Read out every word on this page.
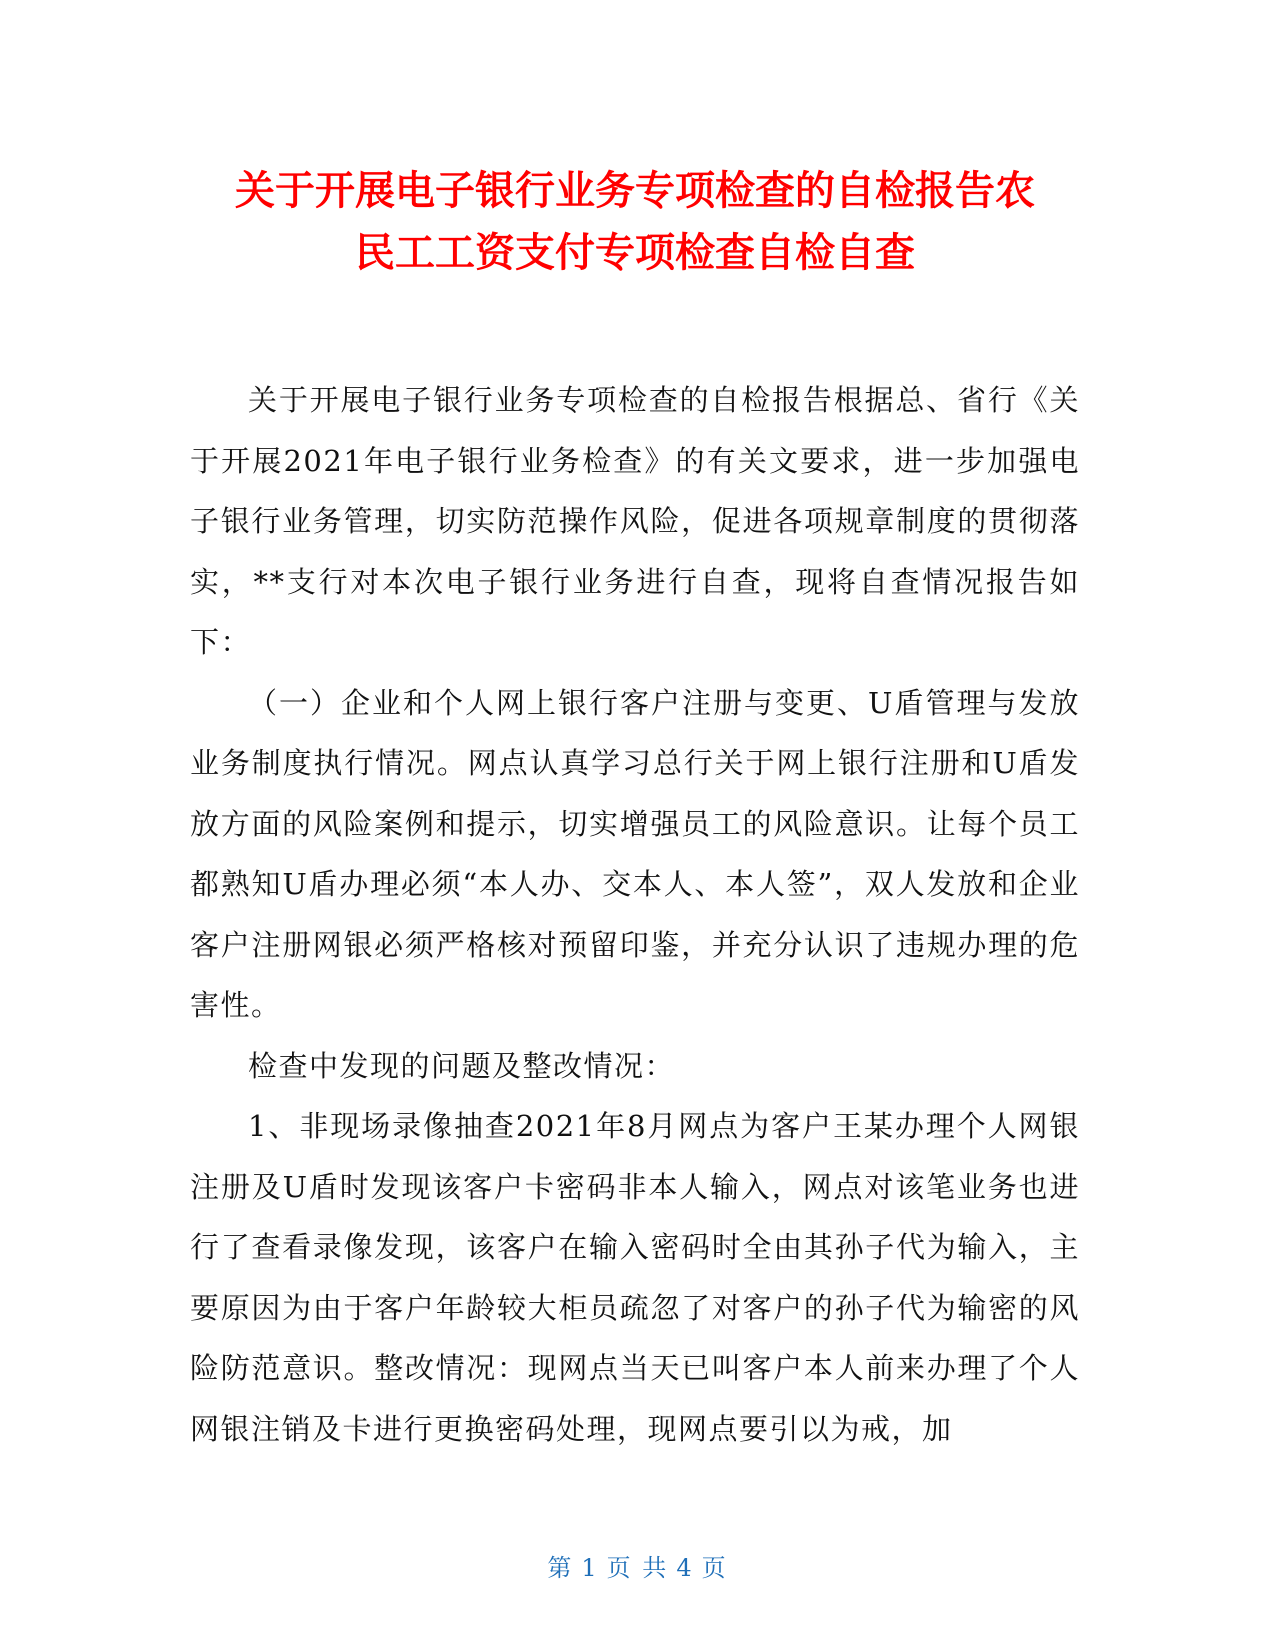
关于开展电子银行业务专项检查的自检报告农
民工工资支付专项检查自检自查

关于开展电子银行业务专项检查的自检报告根据总、省行《关于开展2021年电子银行业务检查》的有关文要求，进一步加强电子银行业务管理，切实防范操作风险，促进各项规章制度的贯彻落实，**支行对本次电子银行业务进行自查，现将自查情况报告如下：

（一）企业和个人网上银行客户注册与变更、U盾管理与发放业务制度执行情况。网点认真学习总行关于网上银行注册和U盾发放方面的风险案例和提示，切实增强员工的风险意识。让每个员工都熟知U盾办理必须“本人办、交本人、本人签”，双人发放和企业客户注册网银必须严格核对预留印鉴，并充分认识了违规办理的危害性。

检查中发现的问题及整改情况：

1、非现场录像抽查2021年8月网点为客户王某办理个人网银注册及U盾时发现该客户卡密码非本人输入，网点对该笔业务也进行了查看录像发现，该客户在输入密码时全由其孙子代为输入，主要原因为由于客户年龄较大柜员疏忽了对客户的孙子代为输密的风险防范意识。整改情况：现网点当天已叫客户本人前来办理了个人网银注销及卡进行更换密码处理，现网点要引以为戒，加

第 1 页 共 4 页
